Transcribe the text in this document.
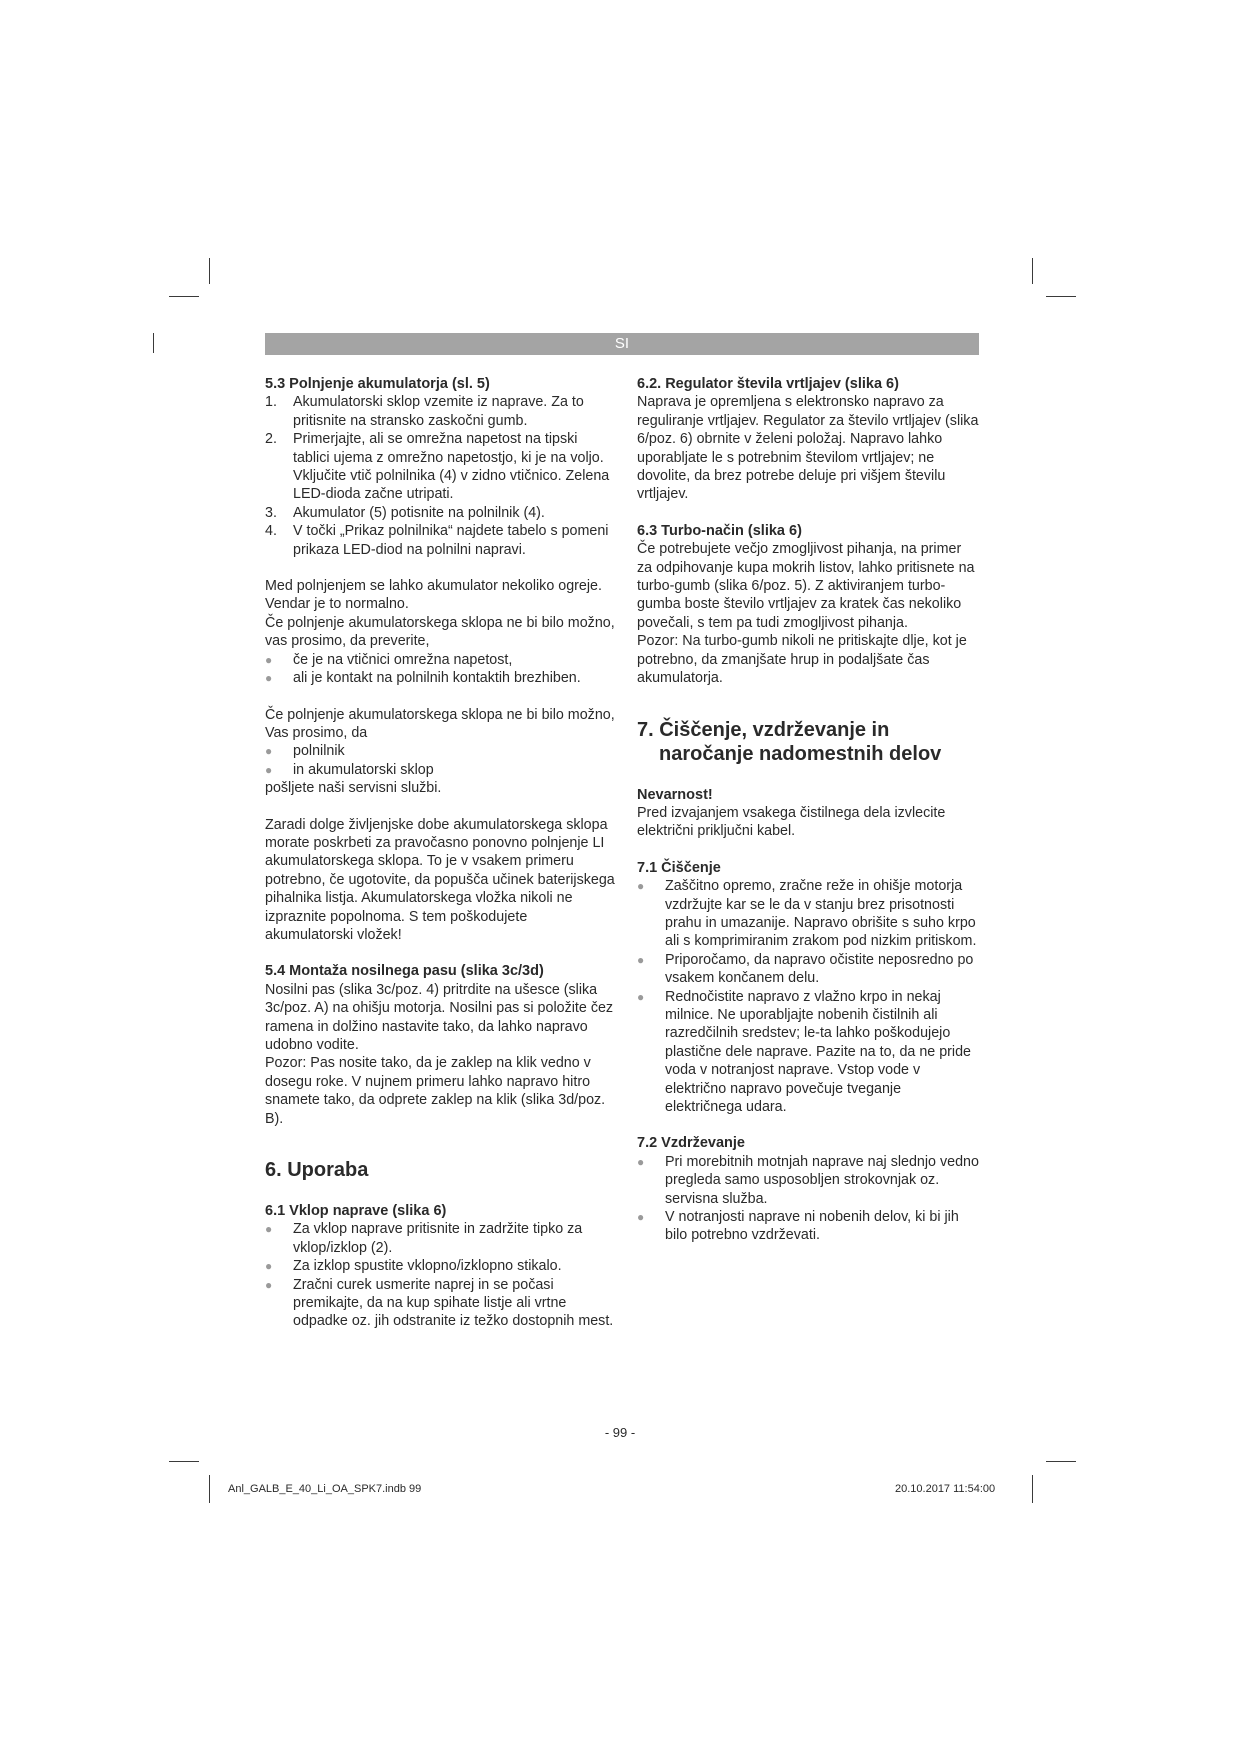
SI
5.3 Polnjenje akumulatorja (sl. 5)
1. Akumulatorski sklop vzemite iz naprave. Za to pritisnite na stransko zaskočni gumb.
2. Primerjajte, ali se omrežna napetost na tipski tablici ujema z omrežno napetostjo, ki je na voljo. Vključite vtič polnilnika (4) v zidno vtičnico. Zelena LED-dioda začne utripati.
3. Akumulator (5) potisnite na polnilnik (4).
4. V točki „Prikaz polnilnika“ najdete tabelo s pomeni prikaza LED-diod na polnilni napravi.

Med polnjenjem se lahko akumulator nekoliko ogreje. Vendar je to normalno.

Če polnjenje akumulatorskega sklopa ne bi bilo možno, vas prosimo, da preverite,

● če je na vtičnici omrežna napetost,
● ali je kontakt na polnilnih kontaktih brezhiben.

Če polnjenje akumulatorskega sklopa ne bi bilo možno, Vas prosimo, da

● polnilnik
● in akumulatorski sklop

pošljete naši servisni službi.

Zaradi dolge življenjske dobe akumulatorskega sklopa morate poskrbeti za pravočasno ponovno polnjenje LI akumulatorskega sklopa. To je v vsakem primeru potrebno, če ugotovite, da popušča učinek baterijskega pihalnika listja. Akumulatorskega vložka nikoli ne izpraznite popolnoma. S tem poškodujete akumulatorski vložek!

5.4 Montaža nosilnega pasu (slika 3c/3d)

Nosilni pas (slika 3c/poz. 4) pritrdite na ušesce (slika 3c/poz. A) na ohišju motorja. Nosilni pas si položite čez ramena in dolžino nastavite tako, da lahko napravo udobno vodite.

Pozor: Pas nosite tako, da je zaklep na klik vedno v dosegu roke. V nujnem primeru lahko napravo hitro snamete tako, da odprete zaklep na klik (slika 3d/poz. B).

6. Uporaba
6.1 Vklop naprave (slika 6)
● Za vklop naprave pritisnite in zadržite tipko za vklop/izklop (2).
● Za izklop spustite vklopno/izklopno stikalo.
● Zračni curek usmerite naprej in se počasi premikajte, da na kup spihate listje ali vrtne odpadke oz. jih odstranite iz težko dostopnih mest.
6.2. Regulator števila vrtljajev (slika 6)

Naprava je opremljena s elektronsko napravo za reguliranje vrtljajev. Regulator za število vrtljajev (slika 6/poz. 6) obrnite v želeni položaj. Napravo lahko uporabljate le s potrebnim številom vrtljajev; ne dovolite, da brez potrebe deluje pri višjem številu vrtljajev.

6.3 Turbo-način (slika 6)

Če potrebujete večjo zmogljivost pihanja, na primer za odpihovanje kupa mokrih listov, lahko pritisnete na turbo-gumb (slika 6/poz. 5). Z aktiviranjem turbo-gumba boste število vrtljajev za kratek čas nekoliko povečali, s tem pa tudi zmogljivost pihanja.

Pozor: Na turbo-gumb nikoli ne pritiskajte dlje, kot je potrebno, da zmanjšate hrup in podaljšate čas akumulatorja.

7. Čiščenje, vzdrževanje in
naročanje nadomestnih delov
Nevarnost!

Pred izvajanjem vsakega čistilnega dela izvlecite električni priključni kabel.

7.1 Čiščenje
● Zaščitno opremo, zračne reže in ohišje motorja vzdržujte kar se le da v stanju brez prisotnosti prahu in umazanije. Napravo obrišite s suho krpo ali s komprimiranim zrakom pod nizkim pritiskom.
● Priporočamo, da napravo očistite neposredno po vsakem končanem delu.
● Rednočistite napravo z vlažno krpo in nekaj milnice. Ne uporabljajte nobenih čistilnih ali razredčilnih sredstev; le-ta lahko poškodujejo plastične dele naprave. Pazite na to, da ne pride voda v notranjost naprave. Vstop vode v električno napravo povečuje tveganje električnega udara.
7.2 Vzdrževanje
● Pri morebitnih motnjah naprave naj slednjo vedno pregleda samo usposobljen strokovnjak oz. servisna služba.
● V notranjosti naprave ni nobenih delov, ki bi jih bilo potrebno vzdrževati.
- 99 -
Anl_GALB_E_40_Li_OA_SPK7.indb 99	20.10.2017 11:54:00
